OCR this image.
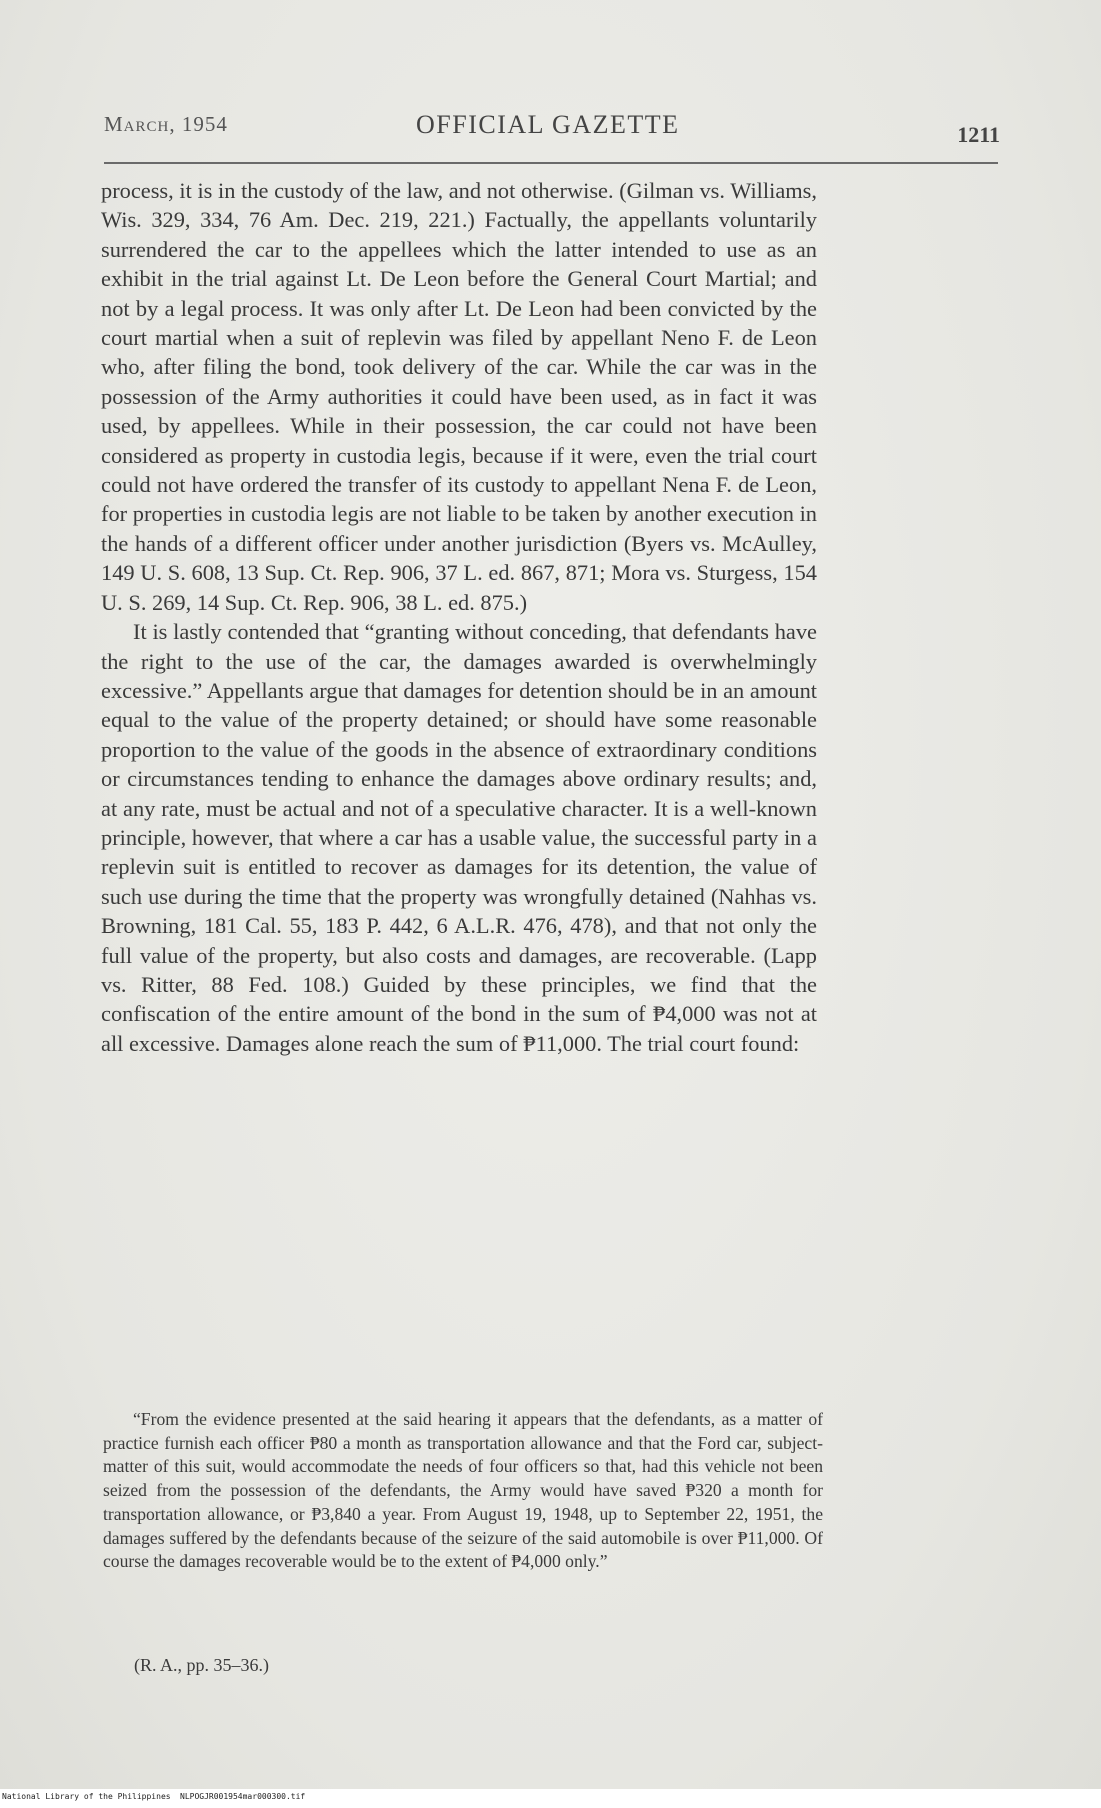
March, 1954	OFFICIAL GAZETTE	1211

process, it is in the custody of the law, and not otherwise. (Gilman vs. Williams, Wis. 329, 334, 76 Am. Dec. 219, 221.) Factually, the appellants voluntarily surrendered the car to the appellees which the latter intended to use as an exhibit in the trial against Lt. De Leon before the General Court Martial; and not by a legal process. It was only after Lt. De Leon had been convicted by the court martial when a suit of replevin was filed by appellant Neno F. de Leon who, after filing the bond, took delivery of the car. While the car was in the possession of the Army authorities it could have been used, as in fact it was used, by appellees. While in their possession, the car could not have been considered as property in custodia legis, because if it were, even the trial court could not have ordered the transfer of its custody to appellant Nena F. de Leon, for properties in custodia legis are not liable to be taken by another execution in the hands of a different officer under another jurisdiction (Byers vs. McAulley, 149 U. S. 608, 13 Sup. Ct. Rep. 906, 37 L. ed. 867, 871; Mora vs. Sturgess, 154 U. S. 269, 14 Sup. Ct. Rep. 906, 38 L. ed. 875.)

It is lastly contended that “granting without conceding, that defendants have the right to the use of the car, the damages awarded is overwhelmingly excessive.” Appellants argue that damages for detention should be in an amount equal to the value of the property detained; or should have some reasonable proportion to the value of the goods in the absence of extraordinary conditions or circumstances tending to enhance the damages above ordinary results; and, at any rate, must be actual and not of a speculative character. It is a well-known principle, however, that where a car has a usable value, the successful party in a replevin suit is entitled to recover as damages for its detention, the value of such use during the time that the property was wrongfully detained (Nahhas vs. Browning, 181 Cal. 55, 183 P. 442, 6 A.L.R. 476, 478), and that not only the full value of the property, but also costs and damages, are recoverable. (Lapp vs. Ritter, 88 Fed. 108.) Guided by these principles, we find that the confiscation of the entire amount of the bond in the sum of ₱4,000 was not at all excessive. Damages alone reach the sum of ₱11,000. The trial court found:

“From the evidence presented at the said hearing it appears that the defendants, as a matter of practice furnish each officer ₱80 a month as transportation allowance and that the Ford car, subject-matter of this suit, would accommodate the needs of four officers so that, had this vehicle not been seized from the possession of the defendants, the Army would have saved ₱320 a month for transportation allowance, or ₱3,840 a year. From August 19, 1948, up to September 22, 1951, the damages suffered by the defendants because of the seizure of the said automobile is over ₱11,000. Of course the damages recoverable would be to the extent of ₱4,000 only.”

(R. A., pp. 35–36.)
National Library of the Philippines NLPOGJR001954mar000300.tif
